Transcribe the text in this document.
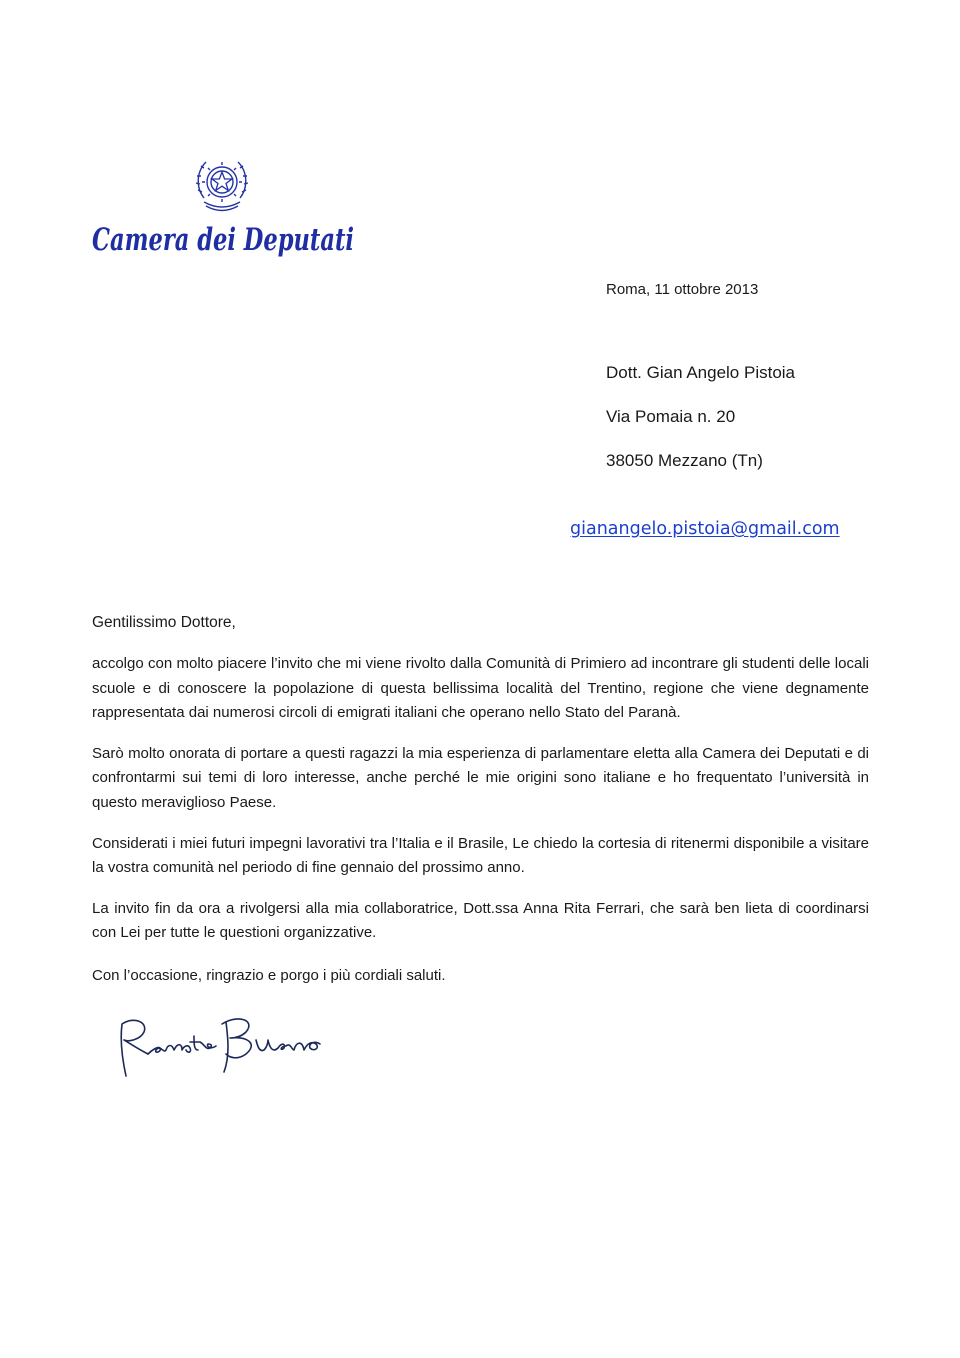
Camera dei Deputati
Roma, 11 ottobre 2013
Dott. Gian Angelo Pistoia
Via Pomaia n. 20
38050 Mezzano (Tn)
gianangelo.pistoia@gmail.com
Gentilissimo Dottore,

accolgo con molto piacere l’invito che mi viene rivolto dalla Comunità di Primiero ad incontrare gli studenti delle locali scuole e di conoscere la popolazione di questa bellissima località del Trentino, regione che viene degnamente rappresentata dai numerosi circoli di emigrati italiani che operano nello Stato del Paranà.

Sarò molto onorata di portare a questi ragazzi la mia esperienza di parlamentare eletta alla Camera dei Deputati e di confrontarmi sui temi di loro interesse, anche perché le mie origini sono italiane e ho frequentato l’università in questo meraviglioso Paese.

Considerati i miei futuri impegni lavorativi tra l’Italia e il Brasile, Le chiedo la cortesia di ritenermi disponibile a visitare la vostra comunità nel periodo di fine gennaio del prossimo anno.

La invito fin da ora a rivolgersi alla mia collaboratrice, Dott.ssa Anna Rita Ferrari, che sarà ben lieta di coordinarsi con Lei per tutte le questioni organizzative.

Con l’occasione, ringrazio e porgo i più cordiali saluti.
